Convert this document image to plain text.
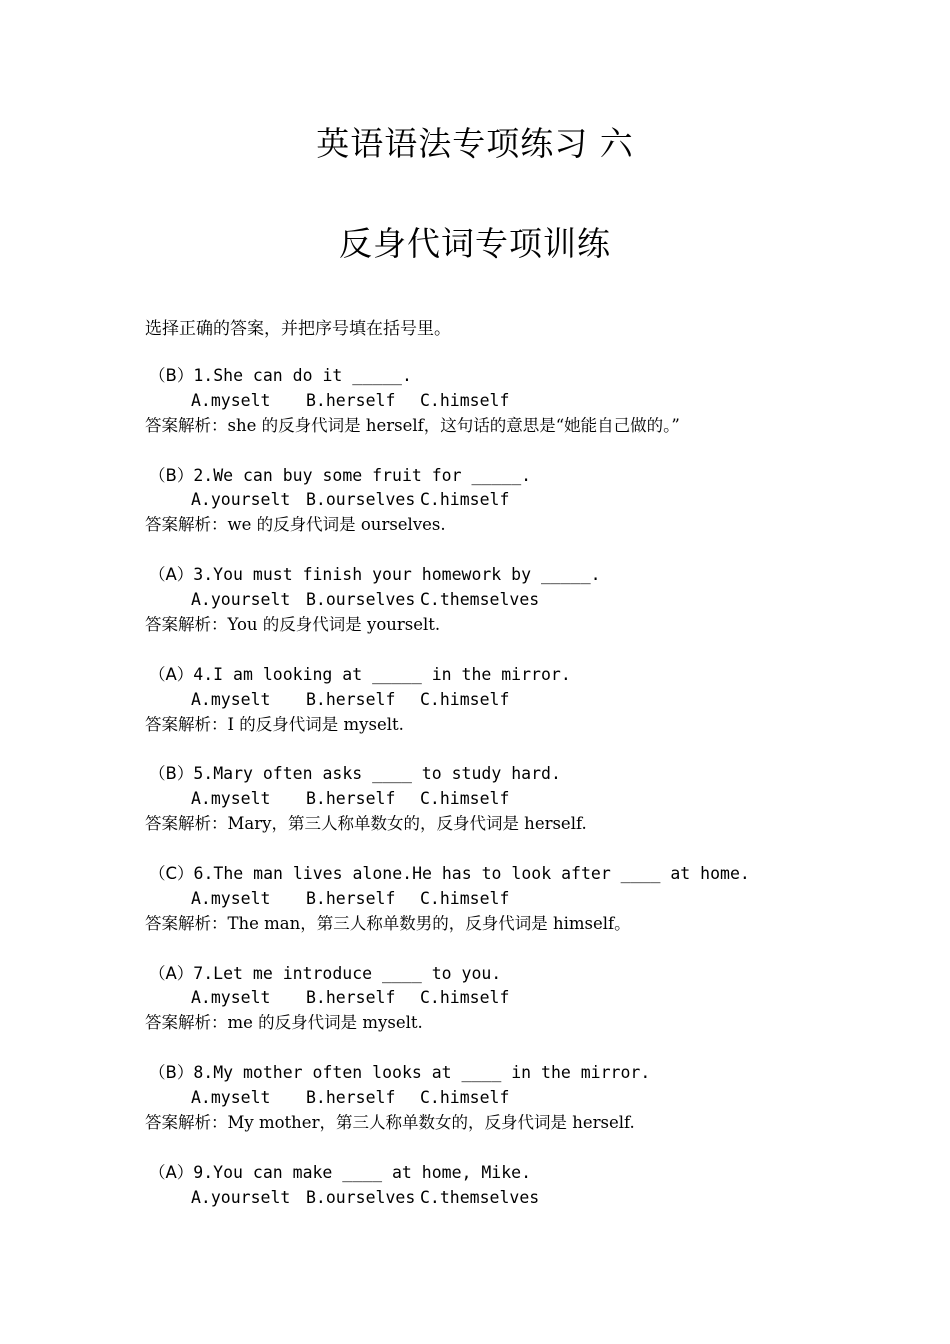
英语语法专项练习 六
反身代词专项训练
选择正确的答案，并把序号填在括号里。
（B）1.She can do it _____.
A.myselt B.herself C.himself
答案解析：she 的反身代词是 herself，这句话的意思是“她能自己做的。”
（B）2.We can buy some fruit for _____.
A.yourselt B.ourselves C.himself
答案解析：we 的反身代词是 ourselves.
（A）3.You must finish your homework by _____.
A.yourselt B.ourselves C.themselves
答案解析：You 的反身代词是 yourselt.
（A）4.I am looking at _____ in the mirror.
A.myselt B.herself C.himself
答案解析：I 的反身代词是 myselt.
（B）5.Mary often asks ____ to study hard.
A.myselt B.herself C.himself
答案解析：Mary，第三人称单数女的，反身代词是 herself.
（C）6.The man lives alone.He has to look after ____ at home.
A.myselt B.herself C.himself
答案解析：The man，第三人称单数男的，反身代词是 himself。
（A）7.Let me introduce ____ to you.
A.myselt B.herself C.himself
答案解析：me 的反身代词是 myselt.
（B）8.My mother often looks at ____ in the mirror.
A.myselt B.herself C.himself
答案解析：My mother，第三人称单数女的，反身代词是 herself.
（A）9.You can make ____ at home, Mike.
A.yourselt B.ourselves C.themselves
